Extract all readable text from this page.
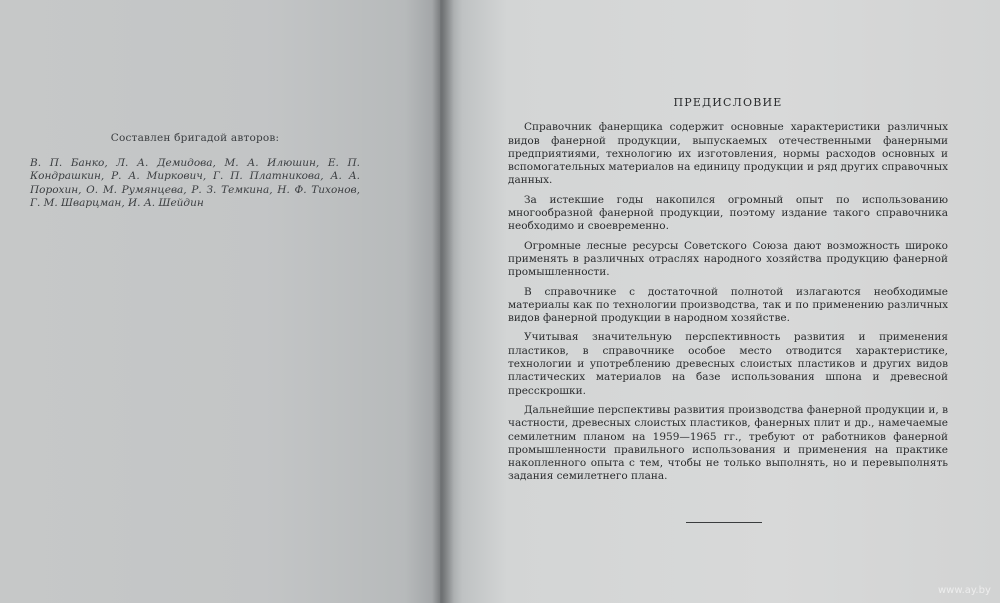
Составлен бригадой авторов:

В. П. Банко, Л. А. Демидова, М. А. Илюшин, Е. П. Кондрашкин, Р. А. Миркович, Г. П. Платникова, А. А. Порохин, О. М. Румянцева, Р. З. Темкина, Н. Ф. Тихонов, Г. М. Шварцман, И. А. Шейдин

ПРЕДИСЛОВИЕ

Справочник фанерщика содержит основные характеристики различных видов фанерной продукции, выпускаемых отечественными фанерными предприятиями, технологию их изготовления, нормы расходов основных и вспомогательных материалов на единицу продукции и ряд других справочных данных.

За истекшие годы накопился огромный опыт по использованию многообразной фанерной продукции, поэтому издание такого справочника необходимо и своевременно.

Огромные лесные ресурсы Советского Союза дают возможность широко применять в различных отраслях народного хозяйства продукцию фанерной промышленности.

В справочнике с достаточной полнотой излагаются необходимые материалы как по технологии производства, так и по применению различных видов фанерной продукции в народном хозяйстве.

Учитывая значительную перспективность развития и применения пластиков, в справочнике особое место отводится характеристике, технологии и употреблению древесных слоистых пластиков и других видов пластических материалов на базе использования шпона и древесной пресскрошки.

Дальнейшие перспективы развития производства фанерной продукции и, в частности, древесных слоистых пластиков, фанерных плит и др., намечаемые семилетним планом на 1959—1965 гг., требуют от работников фанерной промышленности правильного использования и применения на практике накопленного опыта с тем, чтобы не только выполнять, но и перевыполнять задания семилетнего плана.

www.ay.by
